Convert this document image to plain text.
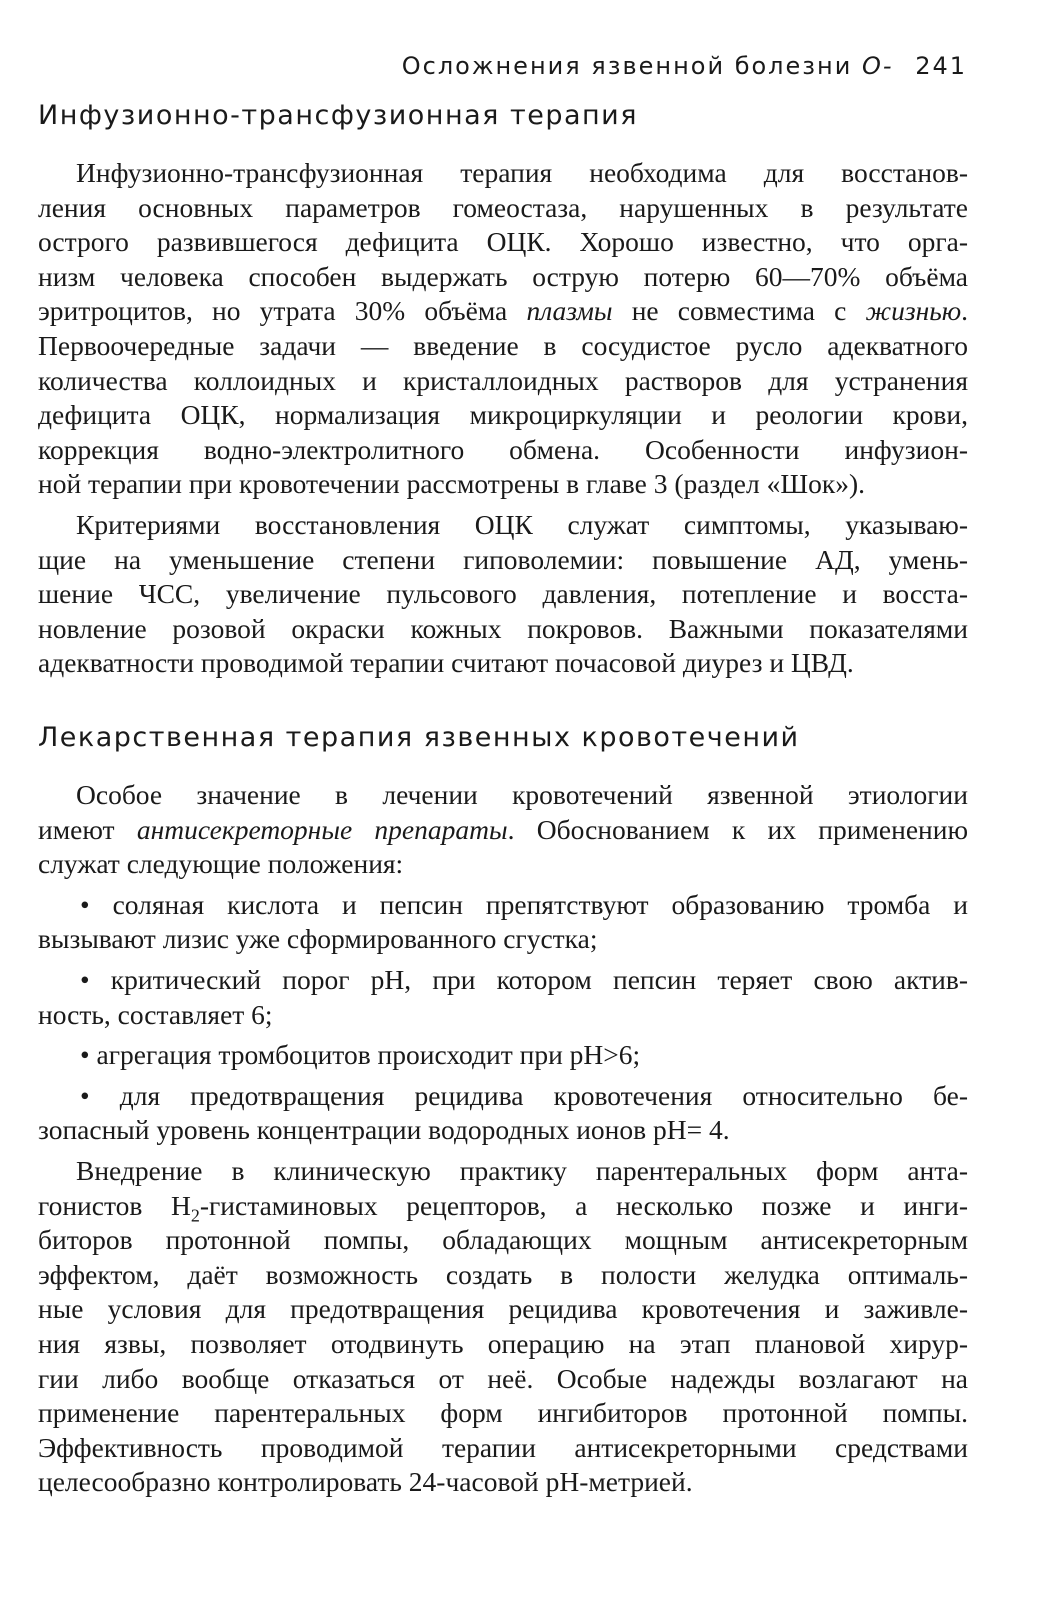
Осложнения язвенной болезни О- 241
Инфузионно-трансфузионная терапия

Инфузионно-трансфузионная терапия необходима для восстанов-

ления основных параметров гомеостаза, нарушенных в результате

острого развившегося дефицита ОЦК. Хорошо известно, что орга-

низм человека способен выдержать острую потерю 60—70% объёма

эритроцитов, но утрата 30% объёма плазмы не совместима с жизнью.

Первоочередные задачи — введение в сосудистое русло адекватного

количества коллоидных и кристаллоидных растворов для устранения

дефицита ОЦК, нормализация микроциркуляции и реологии крови,

коррекция водно-электролитного обмена. Особенности инфузион-

ной терапии при кровотечении рассмотрены в главе 3 (раздел «Шок»).

Критериями восстановления ОЦК служат симптомы, указываю-

щие на уменьшение степени гиповолемии: повышение АД, умень-

шение ЧСС, увеличение пульсового давления, потепление и восста-

новление розовой окраски кожных покровов. Важными показателями

адекватности проводимой терапии считают почасовой диурез и ЦВД.

Лекарственная терапия язвенных кровотечений

Особое значение в лечении кровотечений язвенной этиологии

имеют антисекреторные препараты. Обоснованием к их применению

служат следующие положения:

• соляная кислота и пепсин препятствуют образованию тромба и

вызывают лизис уже сформированного сгустка;

• критический порог pH, при котором пепсин теряет свою актив-

ность, составляет 6;

• агрегация тромбоцитов происходит при pH>6;

• для предотвращения рецидива кровотечения относительно бе-

зопасный уровень концентрации водородных ионов pH= 4.

Внедрение в клиническую практику парентеральных форм анта-

гонистов $Н_2$-гистаминовых рецепторов, а несколько позже и инги-

биторов протонной помпы, обладающих мощным антисекреторным

эффектом, даёт возможность создать в полости желудка оптималь-

ные условия для предотвращения рецидива кровотечения и заживле-

ния язвы, позволяет отодвинуть операцию на этап плановой хирур-

гии либо вообще отказаться от неё. Особые надежды возлагают на

применение парентеральных форм ингибиторов протонной помпы.

Эффективность проводимой терапии антисекреторными средствами

целесообразно контролировать 24-часовой pH-метрией.
